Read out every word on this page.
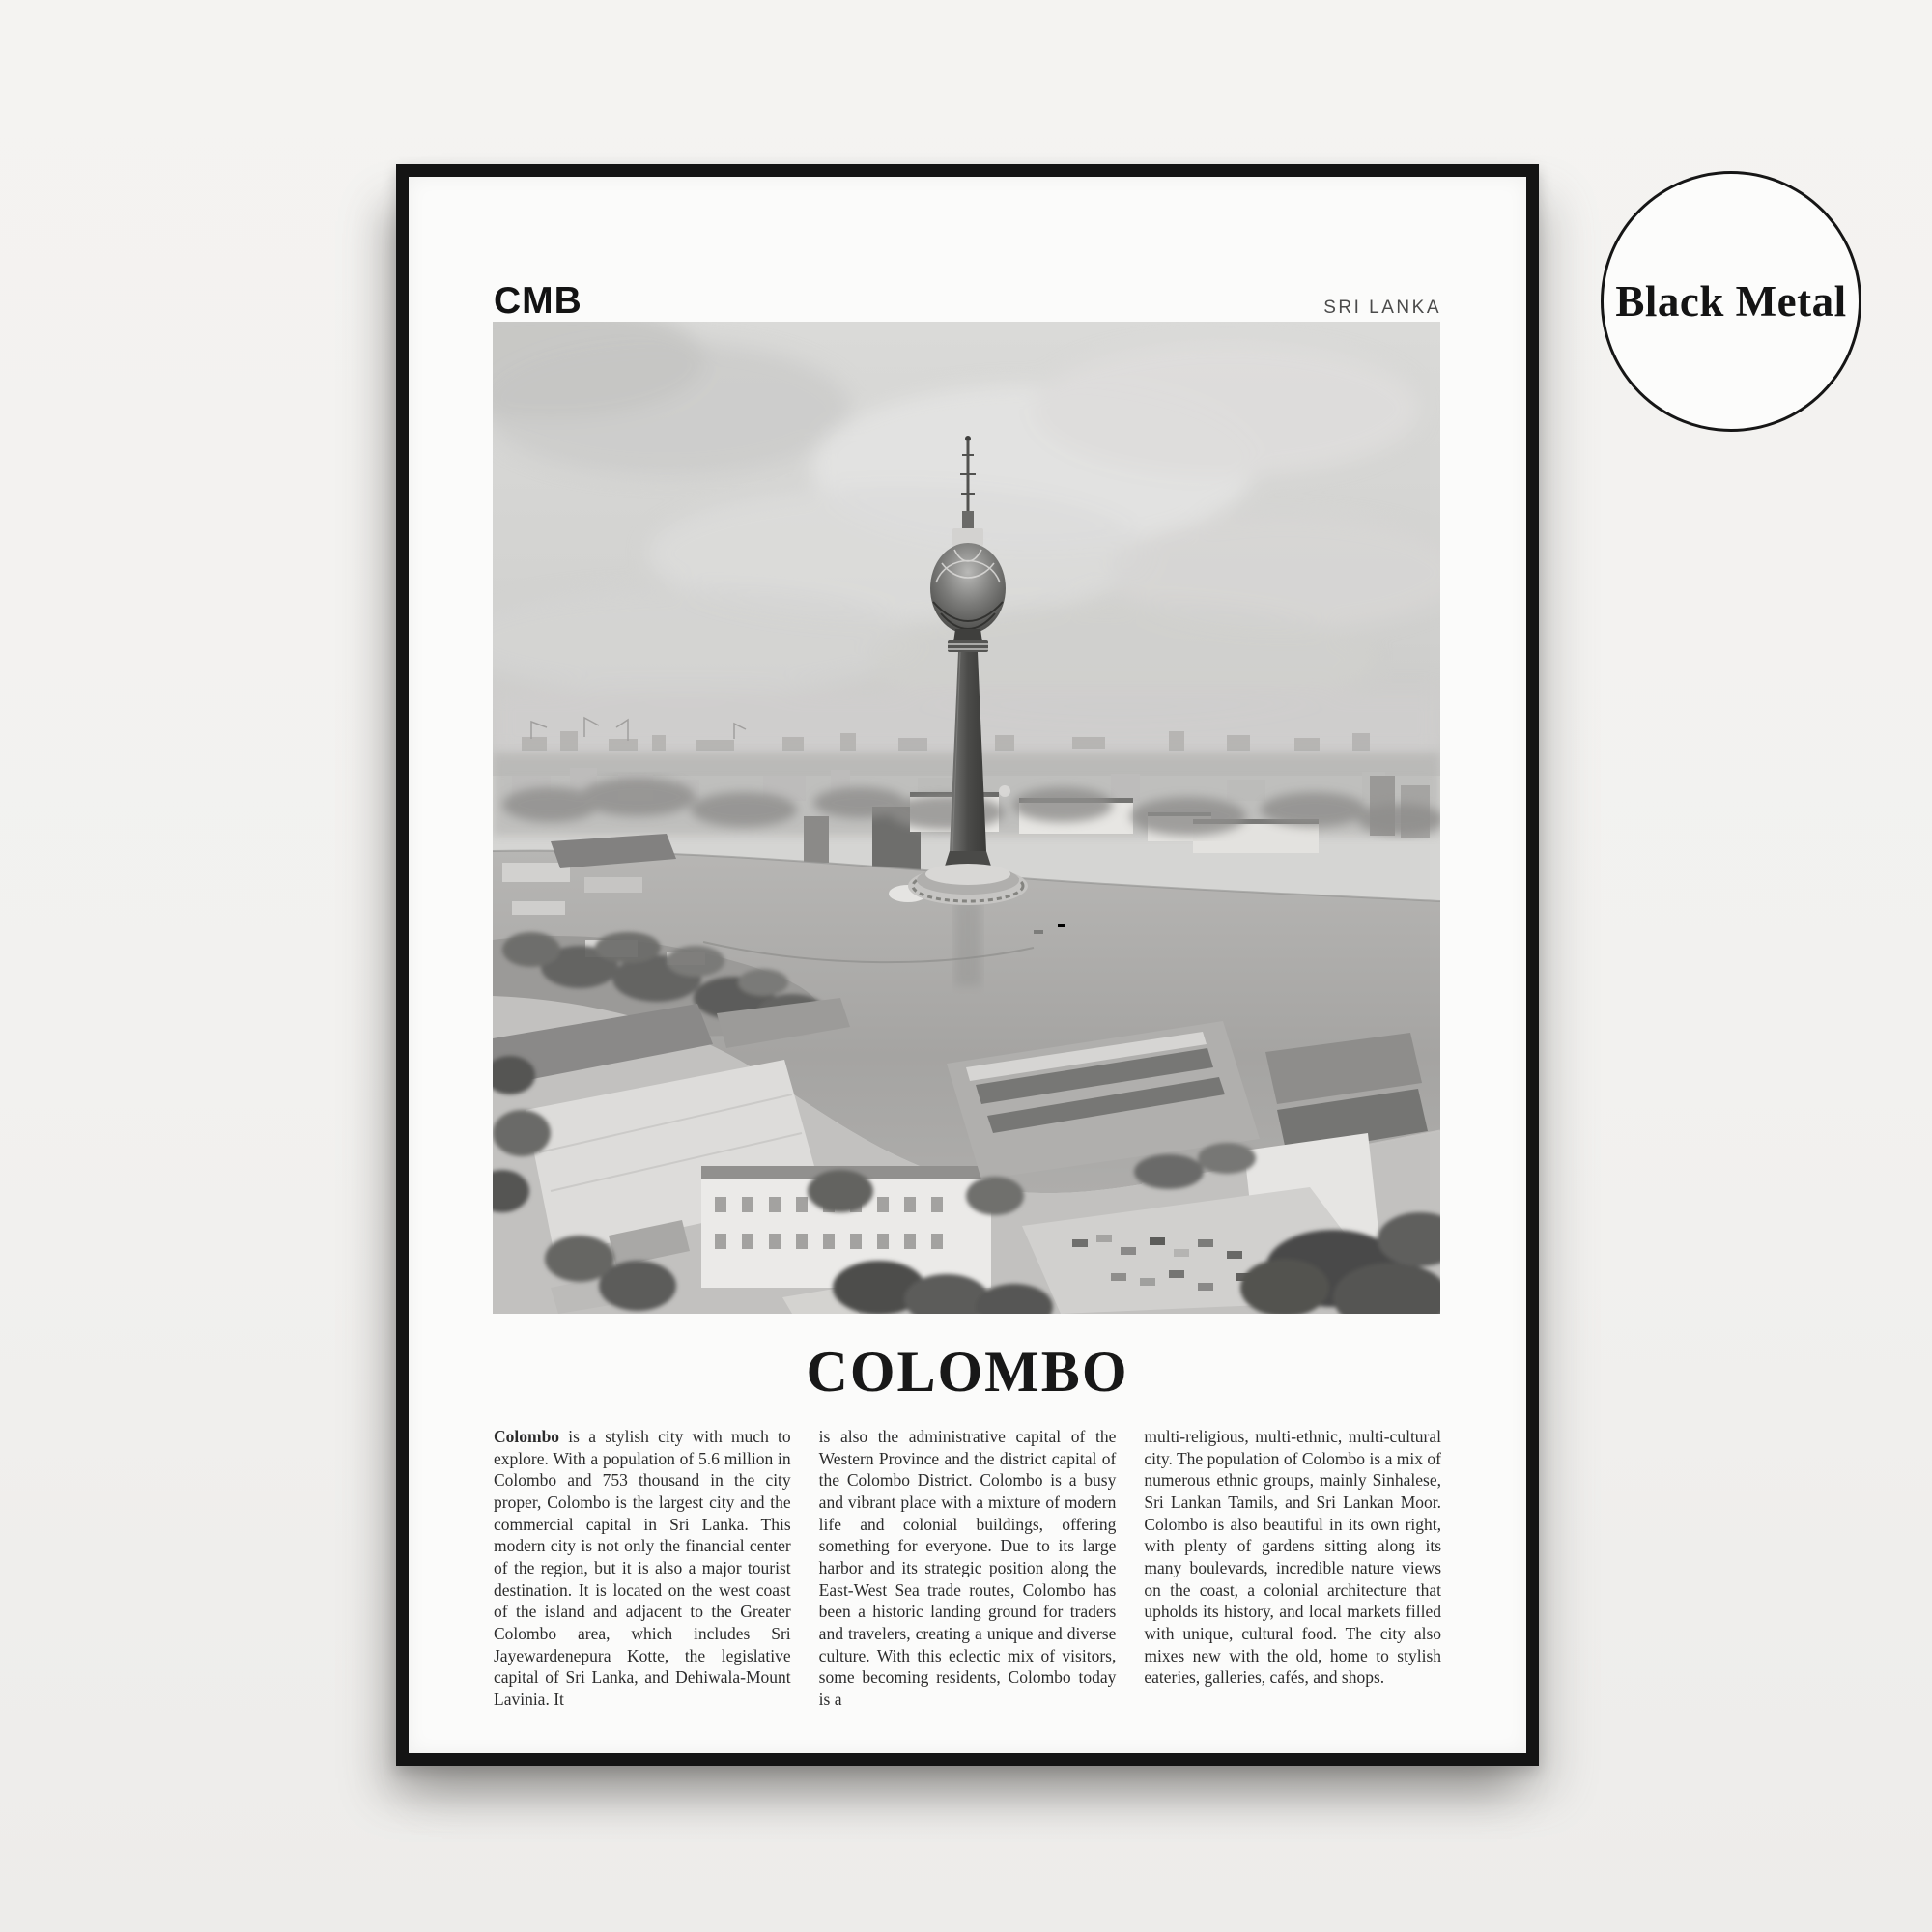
CMB	SRI LANKA
COLOMBO
Colombo is a stylish city with much to explore. With a population of 5.6 million in Colombo and 753 thousand in the city proper, Colombo is the largest city and the commercial capital in Sri Lanka. This modern city is not only the financial center of the region, but it is also a major tourist destination. It is located on the west coast of the island and adjacent to the Greater Colombo area, which includes Sri Jayewardenepura Kotte, the legislative capital of Sri Lanka, and Dehiwala-Mount Lavinia. It
is also the administrative capital of the Western Province and the district capital of the Colombo District. Colombo is a busy and vibrant place with a mixture of modern life and colonial buildings, offering something for everyone. Due to its large harbor and its strategic position along the East-West Sea trade routes, Colombo has been a historic landing ground for traders and travelers, creating a unique and diverse culture. With this eclectic mix of visitors, some becoming residents, Colombo today is a
multi-religious, multi-ethnic, multi-cultural city. The population of Colombo is a mix of numerous ethnic groups, mainly Sinhalese, Sri Lankan Tamils, and Sri Lankan Moor. Colombo is also beautiful in its own right, with plenty of gardens sitting along its many boulevards, incredible nature views on the coast, a colonial architecture that upholds its history, and local markets filled with unique, cultural food. The city also mixes new with the old, home to stylish eateries, galleries, cafés, and shops.
Black Metal
